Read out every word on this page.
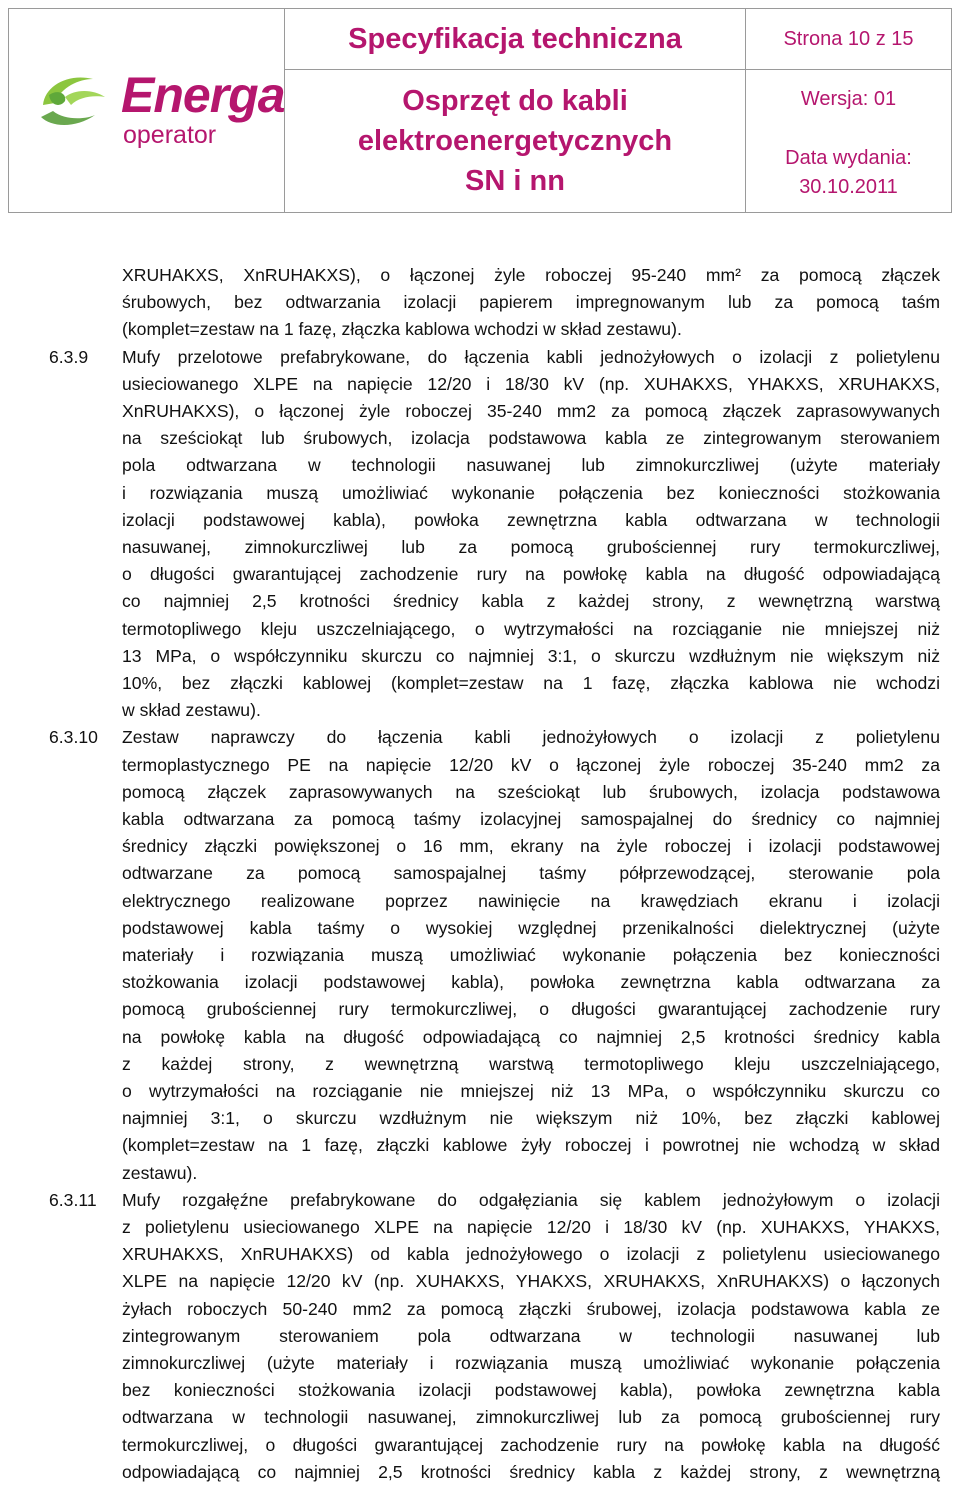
Energa
operator
Specyfikacja techniczna
Osprzęt do kabli
elektroenergetycznych
SN i nn
Strona 10 z 15
Wersja: 01
Data wydania:
30.10.2011
XRUHAKXS, XnRUHAKXS), o łączonej żyle roboczej 95-240 mm² za pomocą złączek
śrubowych, bez odtwarzania izolacji papierem impregnowanym lub za pomocą taśm
(komplet=zestaw na 1 fazę, złączka kablowa wchodzi w skład zestawu).
6.3.9 Mufy przelotowe prefabrykowane, do łączenia kabli jednożyłowych o izolacji z polietylenu
usieciowanego XLPE na napięcie 12/20 i 18/30 kV (np. XUHAKXS, YHAKXS, XRUHAKXS,
XnRUHAKXS), o łączonej żyle roboczej 35-240 mm2 za pomocą złączek zaprasowywanych
na sześciokąt lub śrubowych, izolacja podstawowa kabla ze zintegrowanym sterowaniem
pola odtwarzana w technologii nasuwanej lub zimnokurczliwej (użyte materiały
i rozwiązania muszą umożliwiać wykonanie połączenia bez konieczności stożkowania
izolacji podstawowej kabla), powłoka zewnętrzna kabla odtwarzana w technologii
nasuwanej, zimnokurczliwej lub za pomocą grubościennej rury termokurczliwej,
o długości gwarantującej zachodzenie rury na powłokę kabla na długość odpowiadającą
co najmniej 2,5 krotności średnicy kabla z każdej strony, z wewnętrzną warstwą
termotopliwego kleju uszczelniającego, o wytrzymałości na rozciąganie nie mniejszej niż
13 MPa, o współczynniku skurczu co najmniej 3:1, o skurczu wzdłużnym nie większym niż
10%, bez złączki kablowej (komplet=zestaw na 1 fazę, złączka kablowa nie wchodzi
w skład zestawu).
6.3.10 Zestaw naprawczy do łączenia kabli jednożyłowych o izolacji z polietylenu
termoplastycznego PE na napięcie 12/20 kV o łączonej żyle roboczej 35-240 mm2 za
pomocą złączek zaprasowywanych na sześciokąt lub śrubowych, izolacja podstawowa
kabla odtwarzana za pomocą taśmy izolacyjnej samospajalnej do średnicy co najmniej
średnicy złączki powiększonej o 16 mm, ekrany na żyle roboczej i izolacji podstawowej
odtwarzane za pomocą samospajalnej taśmy półprzewodzącej, sterowanie pola
elektrycznego realizowane poprzez nawinięcie na krawędziach ekranu i izolacji
podstawowej kabla taśmy o wysokiej względnej przenikalności dielektrycznej (użyte
materiały i rozwiązania muszą umożliwiać wykonanie połączenia bez konieczności
stożkowania izolacji podstawowej kabla), powłoka zewnętrzna kabla odtwarzana za
pomocą grubościennej rury termokurczliwej, o długości gwarantującej zachodzenie rury
na powłokę kabla na długość odpowiadającą co najmniej 2,5 krotności średnicy kabla
z każdej strony, z wewnętrzną warstwą termotopliwego kleju uszczelniającego,
o wytrzymałości na rozciąganie nie mniejszej niż 13 MPa, o współczynniku skurczu co
najmniej 3:1, o skurczu wzdłużnym nie większym niż 10%, bez złączki kablowej
(komplet=zestaw na 1 fazę, złączki kablowe żyły roboczej i powrotnej nie wchodzą w skład
zestawu).
6.3.11 Mufy rozgałęźne prefabrykowane do odgałęziania się kablem jednożyłowym o izolacji
z polietylenu usieciowanego XLPE na napięcie 12/20 i 18/30 kV (np. XUHAKXS, YHAKXS,
XRUHAKXS, XnRUHAKXS) od kabla jednożyłowego o izolacji z polietylenu usieciowanego
XLPE na napięcie 12/20 kV (np. XUHAKXS, YHAKXS, XRUHAKXS, XnRUHAKXS) o łączonych
żyłach roboczych 50-240 mm2 za pomocą złączki śrubowej, izolacja podstawowa kabla ze
zintegrowanym sterowaniem pola odtwarzana w technologii nasuwanej lub
zimnokurczliwej (użyte materiały i rozwiązania muszą umożliwiać wykonanie połączenia
bez konieczności stożkowania izolacji podstawowej kabla), powłoka zewnętrzna kabla
odtwarzana w technologii nasuwanej, zimnokurczliwej lub za pomocą grubościennej rury
termokurczliwej, o długości gwarantującej zachodzenie rury na powłokę kabla na długość
odpowiadającą co najmniej 2,5 krotności średnicy kabla z każdej strony, z wewnętrzną
